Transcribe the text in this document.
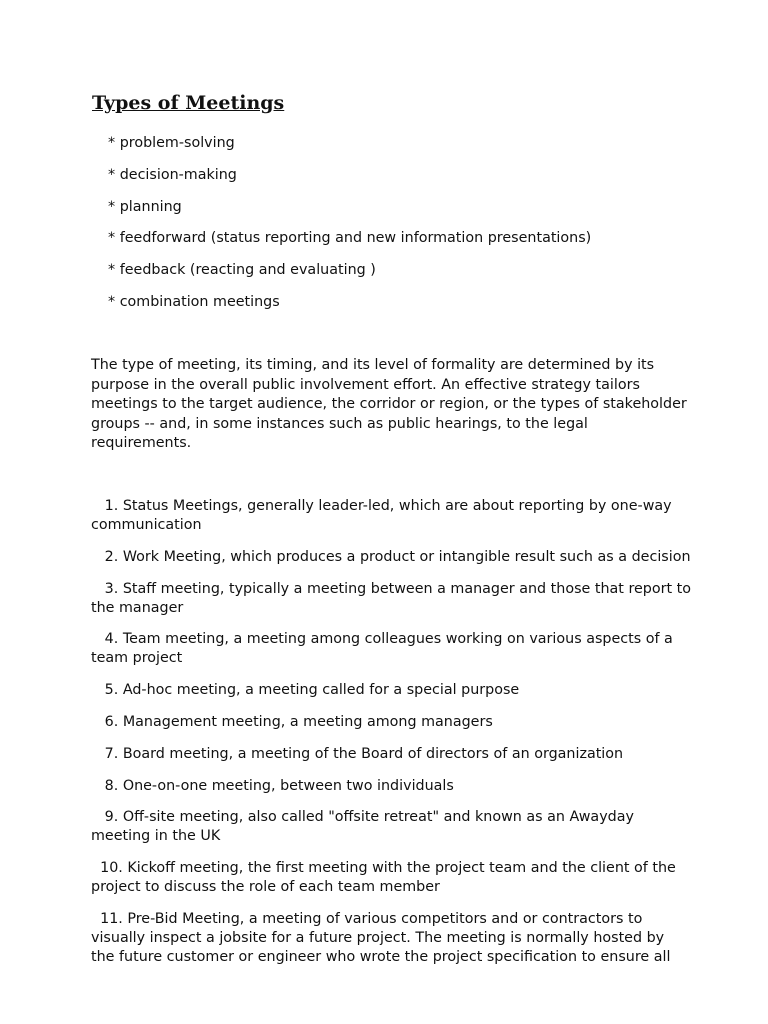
Types of Meetings
* problem-solving
* decision-making
* planning
* feedforward (status reporting and new information presentations)
* feedback (reacting and evaluating )
* combination meetings

The type of meeting, its timing, and its level of formality are determined by its purpose in the overall public involvement effort. An effective strategy tailors meetings to the target audience, the corridor or region, or the types of stakeholder groups -- and, in some instances such as public hearings, to the legal requirements.

1. Status Meetings, generally leader-led, which are about reporting by one-way communication
2. Work Meeting, which produces a product or intangible result such as a decision
3. Staff meeting, typically a meeting between a manager and those that report to the manager
4. Team meeting, a meeting among colleagues working on various aspects of a team project
5. Ad-hoc meeting, a meeting called for a special purpose
6. Management meeting, a meeting among managers
7. Board meeting, a meeting of the Board of directors of an organization
8. One-on-one meeting, between two individuals
9. Off-site meeting, also called "offsite retreat" and known as an Awayday meeting in the UK
10. Kickoff meeting, the first meeting with the project team and the client of the project to discuss the role of each team member
11. Pre-Bid Meeting, a meeting of various competitors and or contractors to visually inspect a jobsite for a future project. The meeting is normally hosted by the future customer or engineer who wrote the project specification to ensure all
